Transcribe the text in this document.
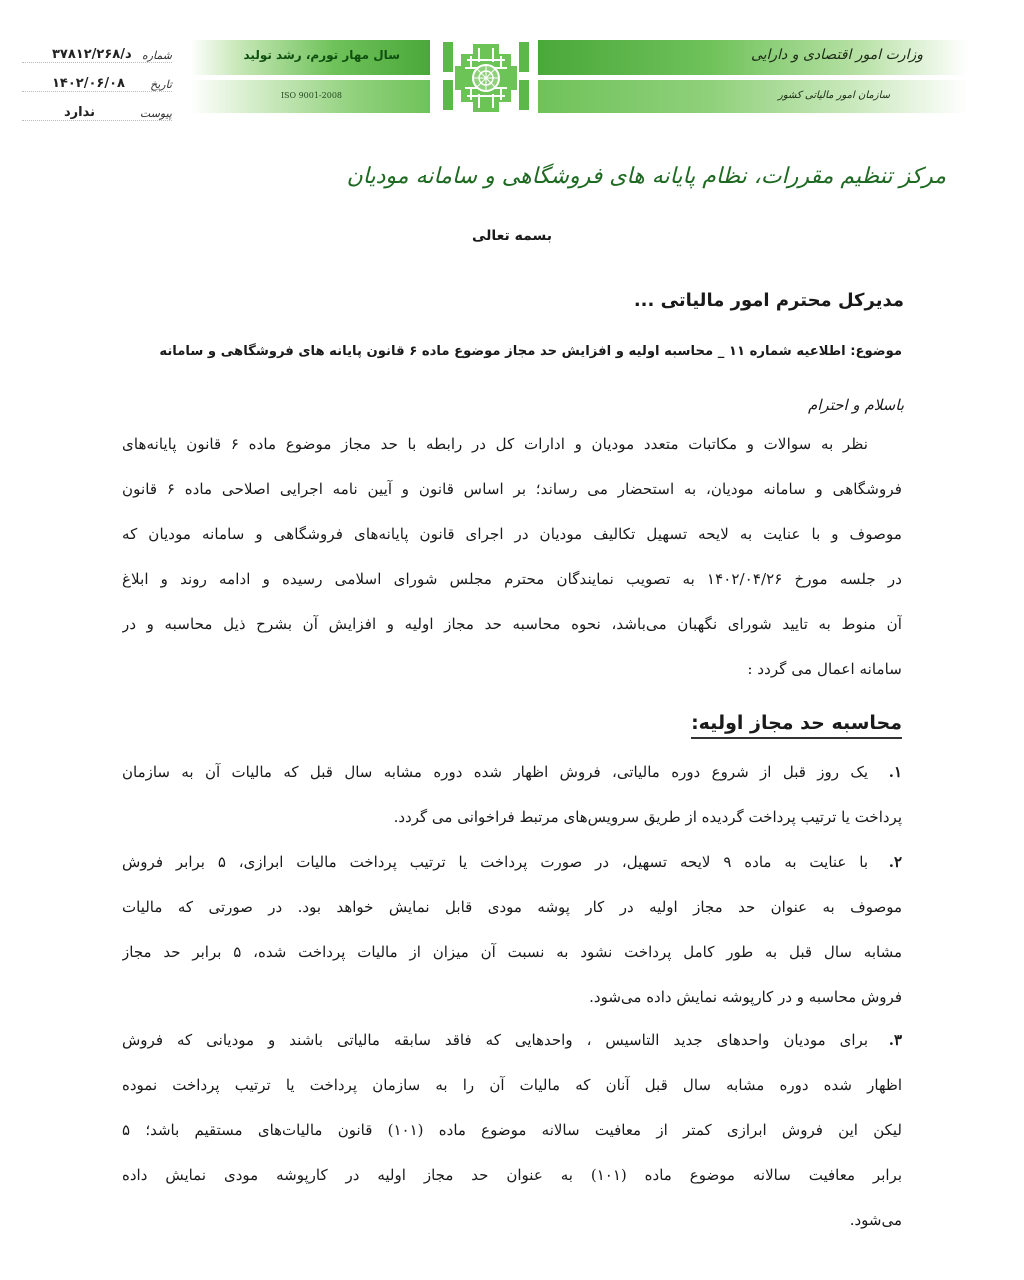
شماره
۳۷۸۱۲/۲۶۸/د
تاریخ
۱۴۰۲/۰۶/۰۸
پیوست
ندارد
سال مهار تورم، رشد تولید
ISO 9001-2008
وزارت امور اقتصادی و دارایی
سازمان امور مالیاتی کشور
مرکز تنظیم مقررات، نظام پایانه های فروشگاهی و سامانه مودیان
بسمه تعالی
مدیرکل محترم امور مالیاتی ...
موضوع: اطلاعیه شماره ۱۱ _ محاسبه اولیه و افزایش حد مجاز موضوع ماده ۶ قانون پایانه های فروشگاهی و سامانه
باسلام و احترام
نظر به سوالات و مکاتبات متعدد مودیان و ادارات کل در رابطه با حد مجاز موضوع ماده ۶ قانون پایانه‌های
فروشگاهی و سامانه مودیان، به استحضار می رساند؛ بر اساس قانون و آیین نامه اجرایی اصلاحی ماده ۶ قانون
موصوف و با عنایت به لایحه تسهیل تکالیف مودیان در اجرای قانون پایانه‌های فروشگاهی و سامانه مودیان که
در جلسه مورخ ۱۴۰۲/۰۴/۲۶ به تصویب نمایندگان محترم مجلس شورای اسلامی رسیده و ادامه روند و ابلاغ
آن منوط به تایید شورای نگهبان می‌باشد، نحوه محاسبه حد مجاز اولیه و افزایش آن بشرح ذیل محاسبه و در
سامانه اعمال می گردد :
محاسبه حد مجاز اولیه:
۱.
یک روز قبل از شروع دوره مالیاتی، فروش اظهار شده دوره مشابه سال قبل که مالیات آن به سازمان
پرداخت یا ترتیب پرداخت گردیده از طریق سرویس‌های مرتبط فراخوانی می گردد.
۲.
با عنایت به ماده ۹ لایحه تسهیل، در صورت پرداخت یا ترتیب پرداخت مالیات ابرازی، ۵ برابر فروش
موصوف به عنوان حد مجاز اولیه در کار پوشه مودی قابل نمایش خواهد بود. در صورتی که مالیات
مشابه سال قبل به طور کامل پرداخت نشود به نسبت آن میزان از مالیات پرداخت شده، ۵ برابر حد مجاز
فروش محاسبه و در کارپوشه نمایش داده می‌شود.
۳.
برای مودیان واحدهای جدید التاسیس ، واحدهایی که فاقد سابقه مالیاتی باشند و مودیانی که فروش
اظهار شده دوره مشابه سال قبل آنان که مالیات آن را به سازمان پرداخت یا ترتیب پرداخت نموده
لیکن این فروش ابرازی کمتر از معافیت سالانه موضوع ماده (۱۰۱) قانون مالیات‌های مستقیم باشد؛ ۵
برابر معافیت سالانه موضوع ماده (۱۰۱) به عنوان حد مجاز اولیه در کارپوشه مودی نمایش داده
می‌شود.
